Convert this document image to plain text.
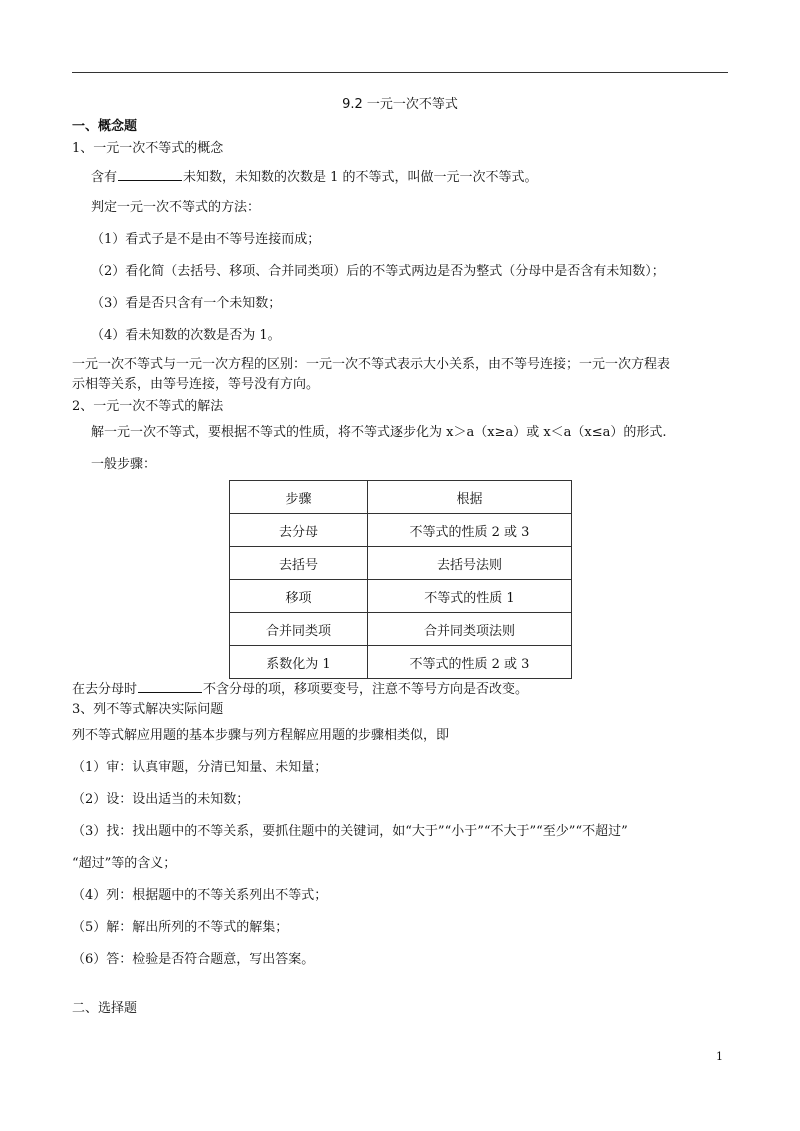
9.2 一元一次不等式
一、概念题
1、一元一次不等式的概念
含有	未知数，未知数的次数是 1 的不等式，叫做一元一次不等式。
判定一元一次不等式的方法：
（1）看式子是不是由不等号连接而成；
（2）看化简（去括号、移项、合并同类项）后的不等式两边是否为整式（分母中是否含有未知数）；
（3）看是否只含有一个未知数；
（4）看未知数的次数是否为 1。
一元一次不等式与一元一次方程的区别：一元一次不等式表示大小关系，由不等号连接；一元一次方程表
示相等关系，由等号连接，等号没有方向。
2、一元一次不等式的解法
解一元一次不等式，要根据不等式的性质，将不等式逐步化为 x＞a（x≥a）或 x＜a（x≤a）的形式.
一般步骤：
步骤	根据
去分母	不等式的性质 2 或 3
去括号	去括号法则
移项	不等式的性质 1
合并同类项	合并同类项法则
系数化为 1	不等式的性质 2 或 3
在去分母时	不含分母的项，移项要变号，注意不等号方向是否改变。
3、列不等式解决实际问题
列不等式解应用题的基本步骤与列方程解应用题的步骤相类似，即
（1）审：认真审题，分清已知量、未知量；
（2）设：设出适当的未知数；
（3）找：找出题中的不等关系，要抓住题中的关键词，如“大于”“小于”“不大于”“至少”“不超过”
“超过”等的含义；
（4）列：根据题中的不等关系列出不等式；
（5）解：解出所列的不等式的解集；
（6）答：检验是否符合题意，写出答案。
二、选择题
1
